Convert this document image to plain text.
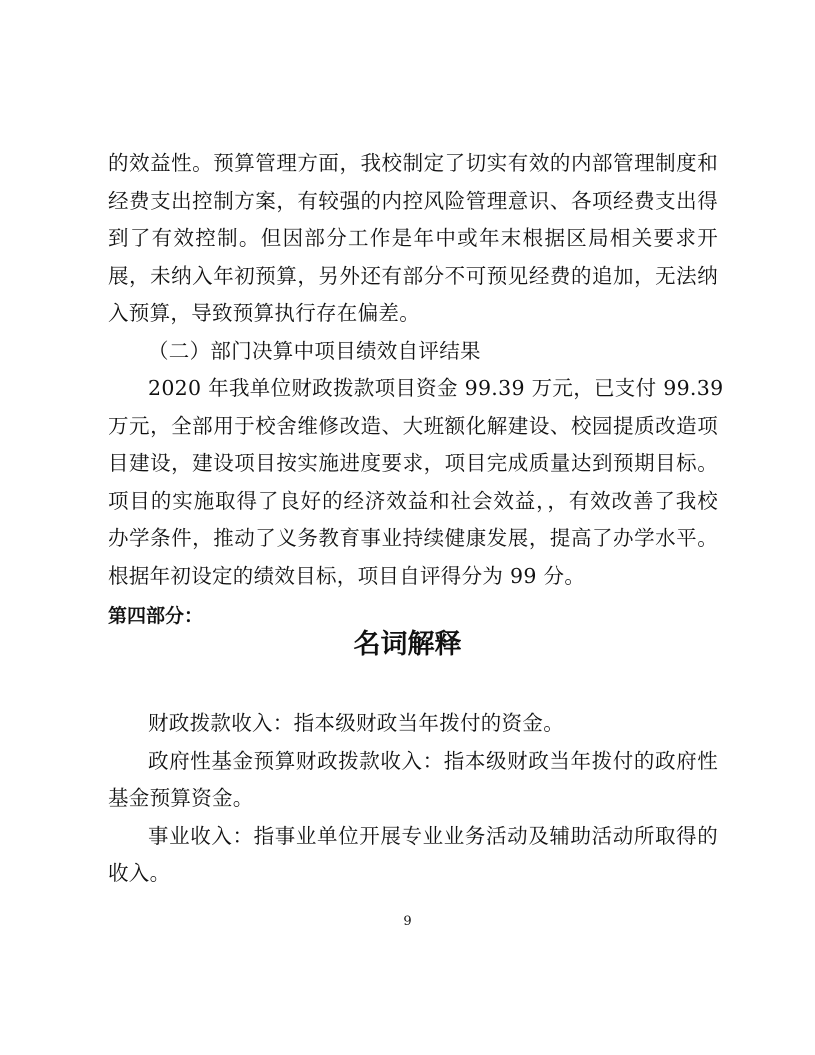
的效益性。预算管理方面，我校制定了切实有效的内部管理制度和
经费支出控制方案，有较强的内控风险管理意识、各项经费支出得
到了有效控制。但因部分工作是年中或年末根据区局相关要求开
展，未纳入年初预算，另外还有部分不可预见经费的追加，无法纳
入预算，导致预算执行存在偏差。
（二）部门决算中项目绩效自评结果
2020 年我单位财政拨款项目资金 99.39 万元，已支付 99.39
万元，全部用于校舍维修改造、大班额化解建设、校园提质改造项
目建设，建设项目按实施进度要求，项目完成质量达到预期目标。
项目的实施取得了良好的经济效益和社会效益，，有效改善了我校
办学条件，推动了义务教育事业持续健康发展，提高了办学水平。
根据年初设定的绩效目标，项目自评得分为 99 分。
第四部分：
名词解释
财政拨款收入：指本级财政当年拨付的资金。
政府性基金预算财政拨款收入：指本级财政当年拨付的政府性
基金预算资金。
事业收入：指事业单位开展专业业务活动及辅助活动所取得的
收入。
9
